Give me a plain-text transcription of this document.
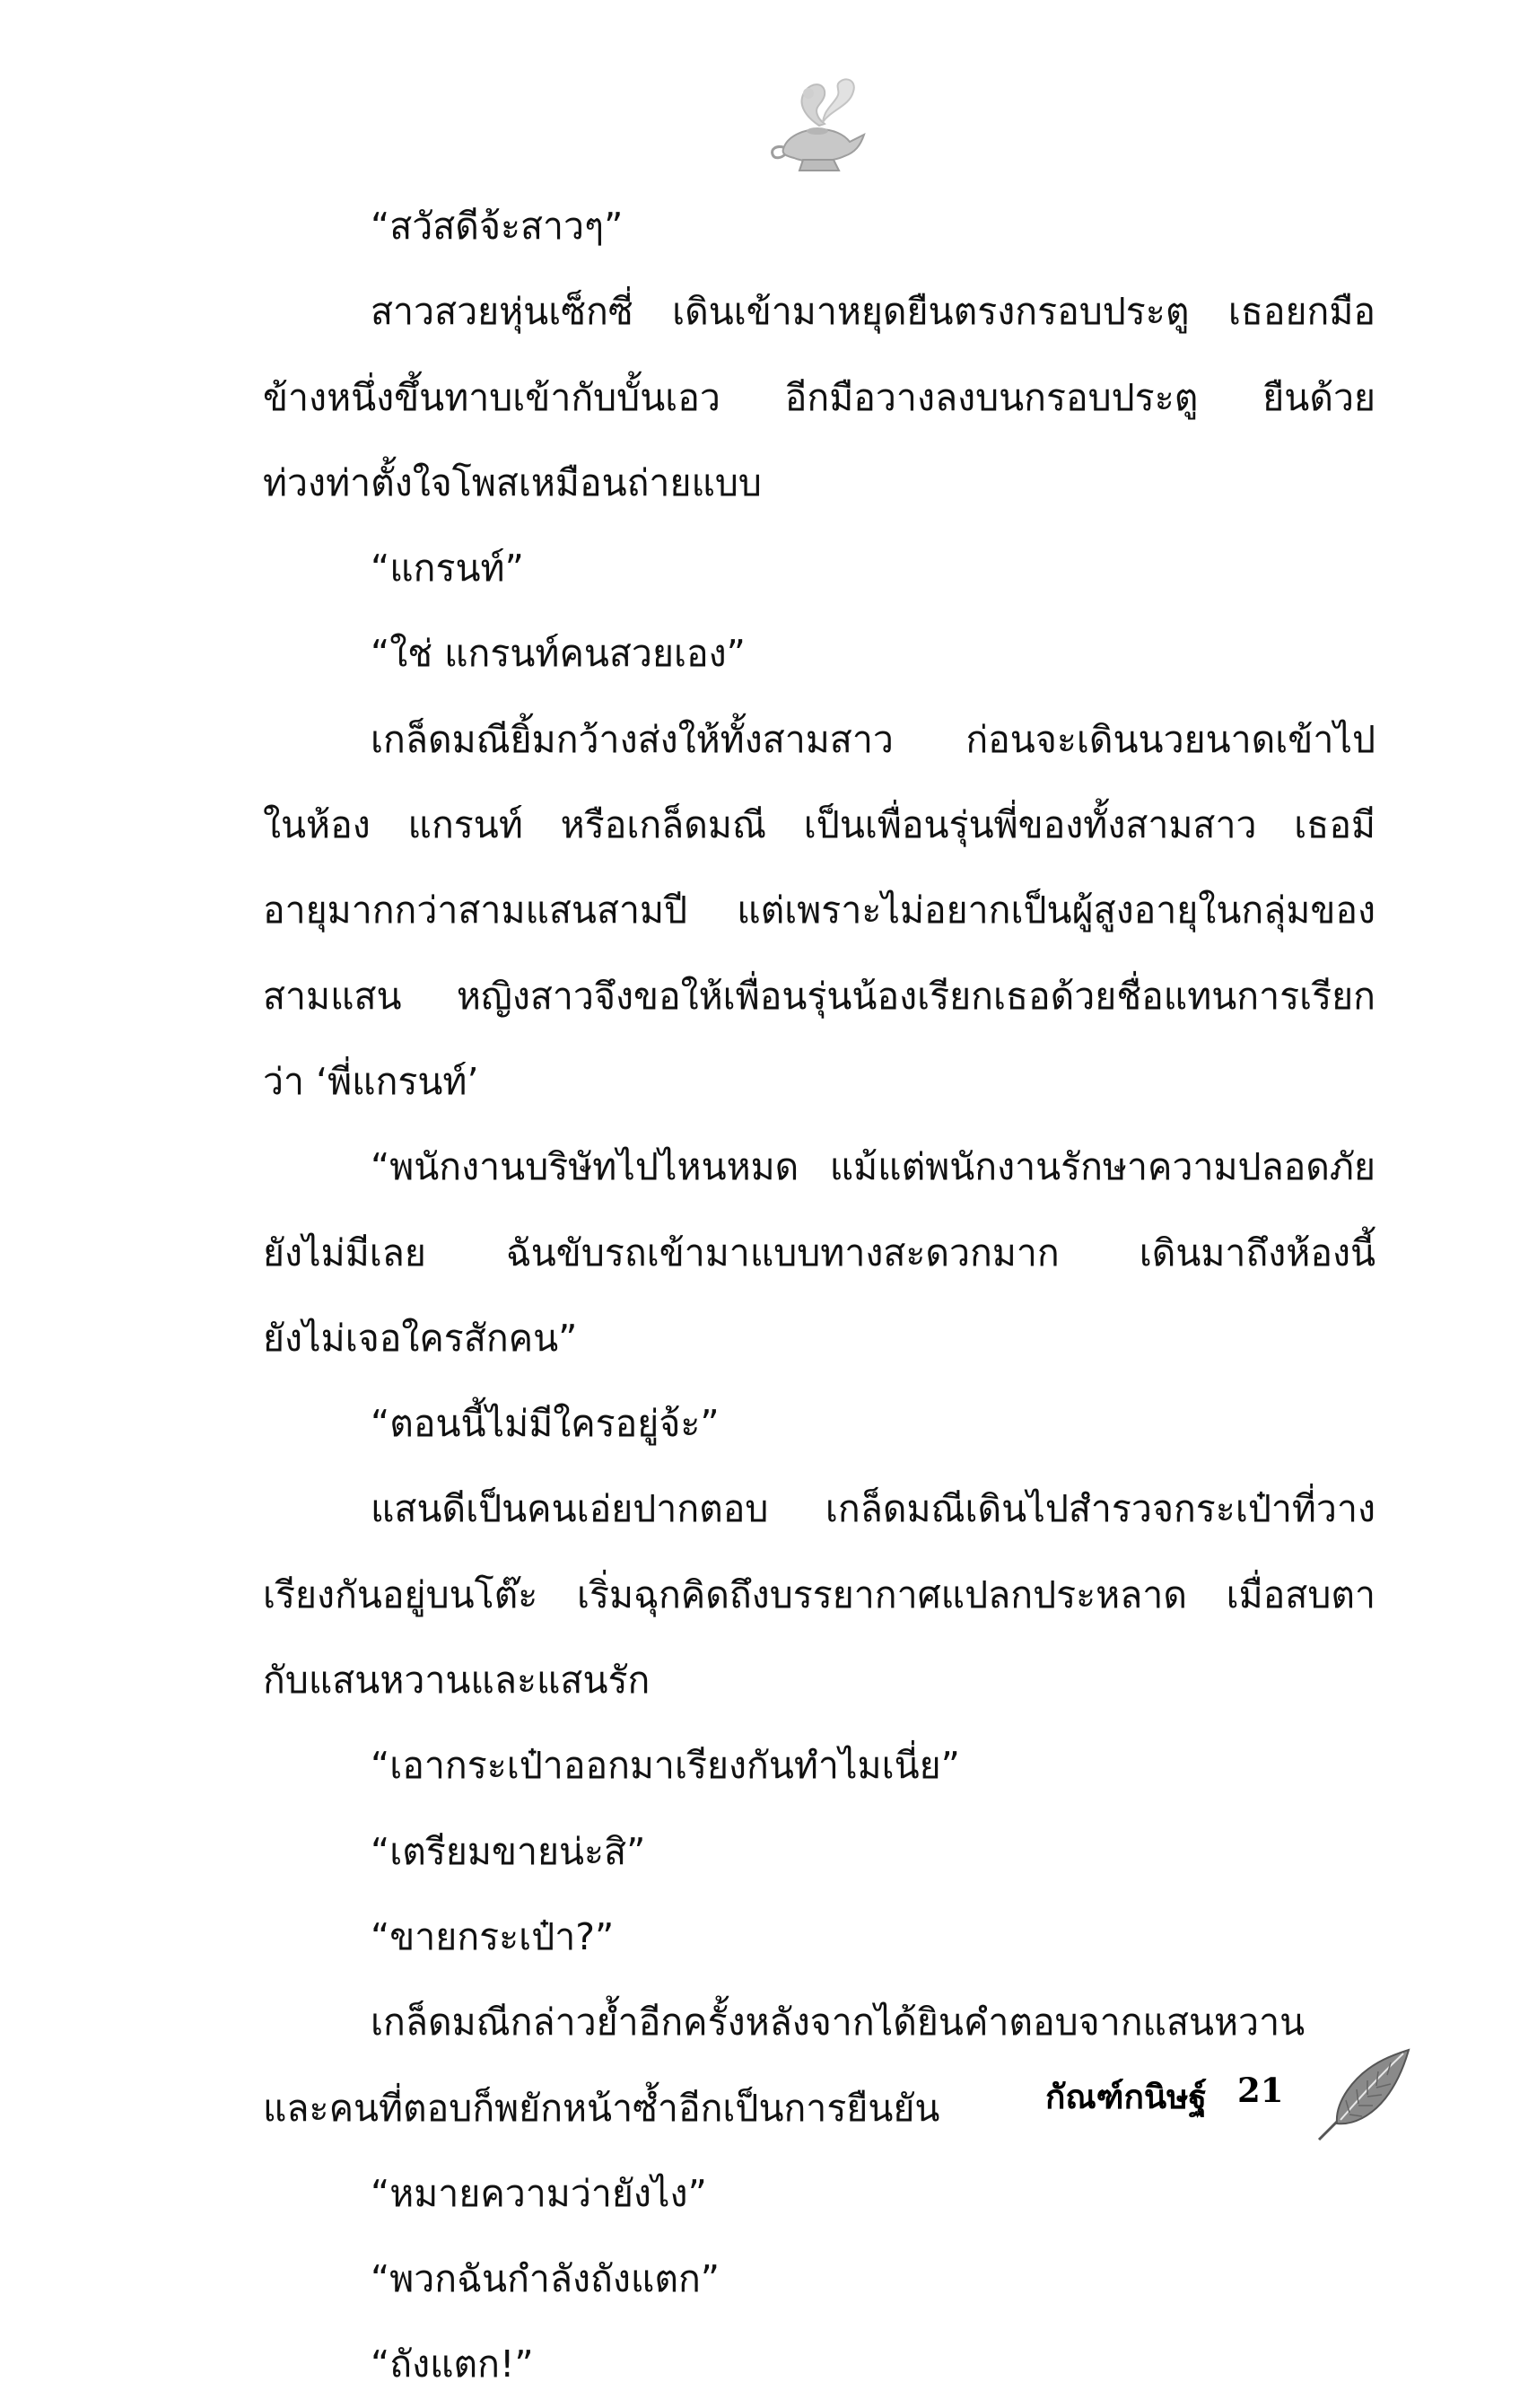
“สวัสดีจ้ะสาวๆ”
สาวสวยหุ่นเซ็กซี่ เดินเข้ามาหยุดยืนตรงกรอบประตู เธอยกมือ
ข้างหนึ่งขึ้นทาบเข้ากับบั้นเอว อีกมือวางลงบนกรอบประตู ยืนด้วย
ท่วงท่าตั้งใจโพสเหมือนถ่ายแบบ
“แกรนท์”
“ใช่ แกรนท์คนสวยเอง”
เกล็ดมณียิ้มกว้างส่งให้ทั้งสามสาว ก่อนจะเดินนวยนาดเข้าไป
ในห้อง แกรนท์ หรือเกล็ดมณี เป็นเพื่อนรุ่นพี่ของทั้งสามสาว เธอมี
อายุมากกว่าสามแสนสามปี แต่เพราะไม่อยากเป็นผู้สูงอายุในกลุ่มของ
สามแสน หญิงสาวจึงขอให้เพื่อนรุ่นน้องเรียกเธอด้วยชื่อแทนการเรียก
ว่า ‘พี่แกรนท์’
“พนักงานบริษัทไปไหนหมด แม้แต่พนักงานรักษาความปลอดภัย
ยังไม่มีเลย ฉันขับรถเข้ามาแบบทางสะดวกมาก เดินมาถึงห้องนี้
ยังไม่เจอใครสักคน”
“ตอนนี้ไม่มีใครอยู่จ้ะ”
แสนดีเป็นคนเอ่ยปากตอบ เกล็ดมณีเดินไปสำรวจกระเป๋าที่วาง
เรียงกันอยู่บนโต๊ะ เริ่มฉุกคิดถึงบรรยากาศแปลกประหลาด เมื่อสบตา
กับแสนหวานและแสนรัก
“เอากระเป๋าออกมาเรียงกันทำไมเนี่ย”
“เตรียมขายน่ะสิ”
“ขายกระเป๋า?”
เกล็ดมณีกล่าวย้ำอีกครั้งหลังจากได้ยินคำตอบจากแสนหวาน
และคนที่ตอบก็พยักหน้าซ้ำอีกเป็นการยืนยัน
“หมายความว่ายังไง”
“พวกฉันกำลังถังแตก”
“ถังแตก!”
กัณฑ์กนิษฐ์ 21
